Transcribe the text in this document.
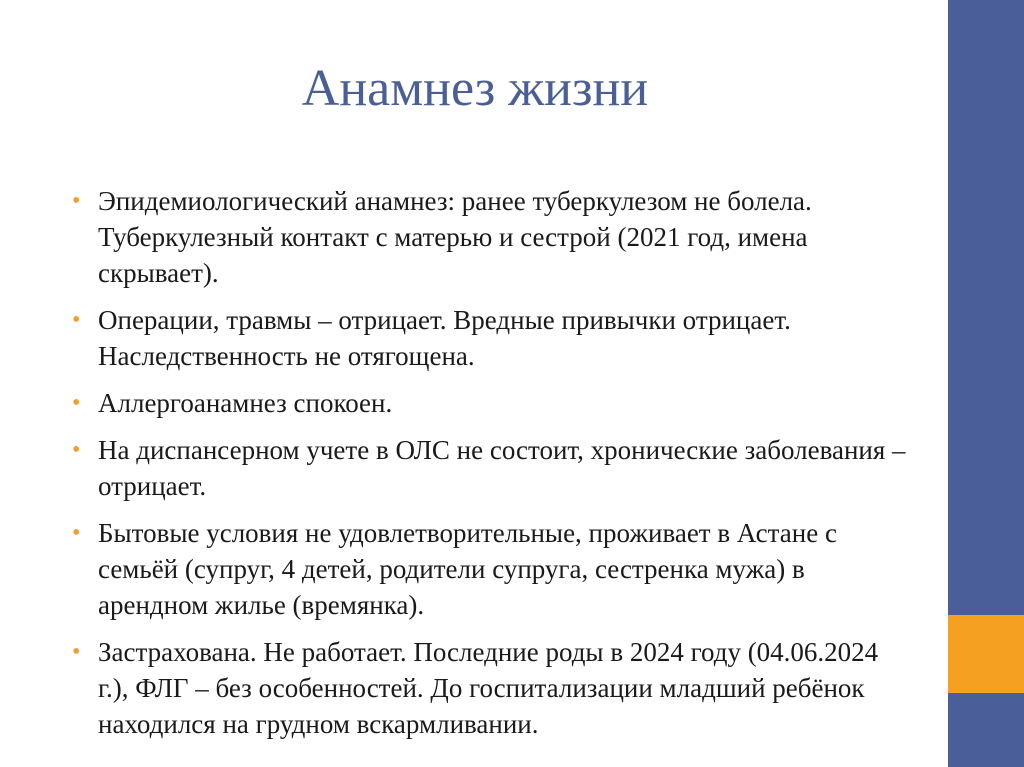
Анамнез жизни
• Эпидемиологический анамнез: ранее туберкулезом не болела. Туберкулезный контакт с матерью и сестрой (2021 год, имена скрывает).
• Операции, травмы – отрицает. Вредные привычки отрицает. Наследственность не отягощена.
• Аллергоанамнез спокоен.
• На диспансерном учете в ОЛС не состоит, хронические заболевания – отрицает.
• Бытовые условия не удовлетворительные, проживает в Астане с семьёй (супруг, 4 детей, родители супруга, сестренка мужа) в арендном жилье (времянка).
• Застрахована. Не работает. Последние роды в 2024 году (04.06.2024 г.), ФЛГ – без особенностей. До госпитализации младший ребёнок находился на грудном вскармливании.
